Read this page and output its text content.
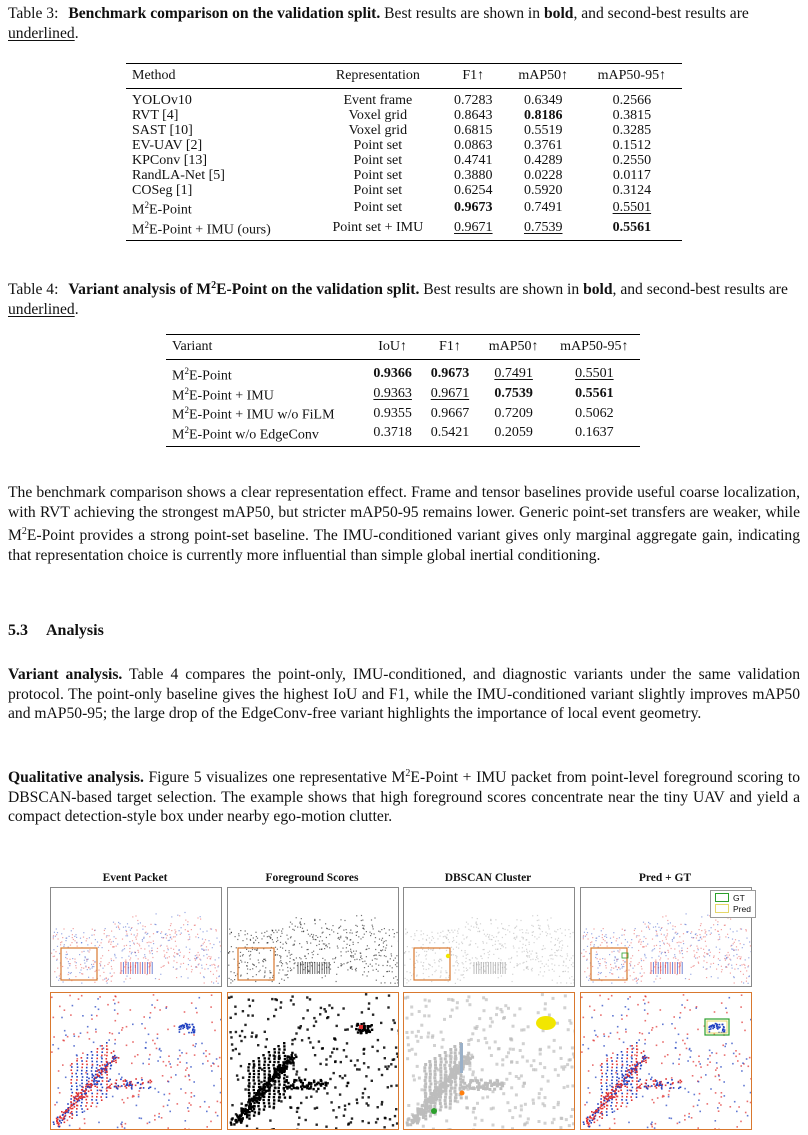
Table 3: Benchmark comparison on the validation split. Best results are shown in bold, and second-best results are underlined.
Method	Representation	F1↑	mAP50↑	mAP50-95↑
YOLOv10	Event frame	0.7283	0.6349	0.2566
RVT [4]	Voxel grid	0.8643	0.8186	0.3815
SAST [10]	Voxel grid	0.6815	0.5519	0.3285
EV-UAV [2]	Point set	0.0863	0.3761	0.1512
KPConv [13]	Point set	0.4741	0.4289	0.2550
RandLA-Net [5]	Point set	0.3880	0.0228	0.0117
COSeg [1]	Point set	0.6254	0.5920	0.3124
$M^2E$-Point	Point set	0.9673	0.7491	0.5501
$M^2E$-Point + IMU (ours)	Point set + IMU	0.9671	0.7539	0.5561
Table 4: Variant analysis of $M^2E$-Point on the validation split. Best results are shown in bold, and second-best results are underlined.
Variant	IoU↑	F1↑	mAP50↑	mAP50-95↑
$M^2E$-Point	0.9366	0.9673	0.7491	0.5501
$M^2E$-Point + IMU	0.9363	0.9671	0.7539	0.5561
$M^2E$-Point + IMU w/o FiLM	0.9355	0.9667	0.7209	0.5062
$M^2E$-Point w/o EdgeConv	0.3718	0.5421	0.2059	0.1637
The benchmark comparison shows a clear representation effect. Frame and tensor baselines provide useful coarse localization, with RVT achieving the strongest mAP50, but stricter mAP50-95 remains lower. Generic point-set transfers are weaker, while $M^2E$-Point provides a strong point-set baseline. The IMU-conditioned variant gives only marginal aggregate gain, indicating that representation choice is currently more influential than simple global inertial conditioning.
5.3 Analysis
Variant analysis. Table 4 compares the point-only, IMU-conditioned, and diagnostic variants under the same validation protocol. The point-only baseline gives the highest IoU and F1, while the IMU-conditioned variant slightly improves mAP50 and mAP50-95; the large drop of the EdgeConv-free variant highlights the importance of local event geometry.
Qualitative analysis. Figure 5 visualizes one representative $M^2E$-Point + IMU packet from point-level foreground scoring to DBSCAN-based target selection. The example shows that high foreground scores concentrate near the tiny UAV and yield a compact detection-style box under nearby ego-motion clutter.
Event Packet	Foreground Scores	DBSCAN Cluster	Pred + GT
GT
Pred
